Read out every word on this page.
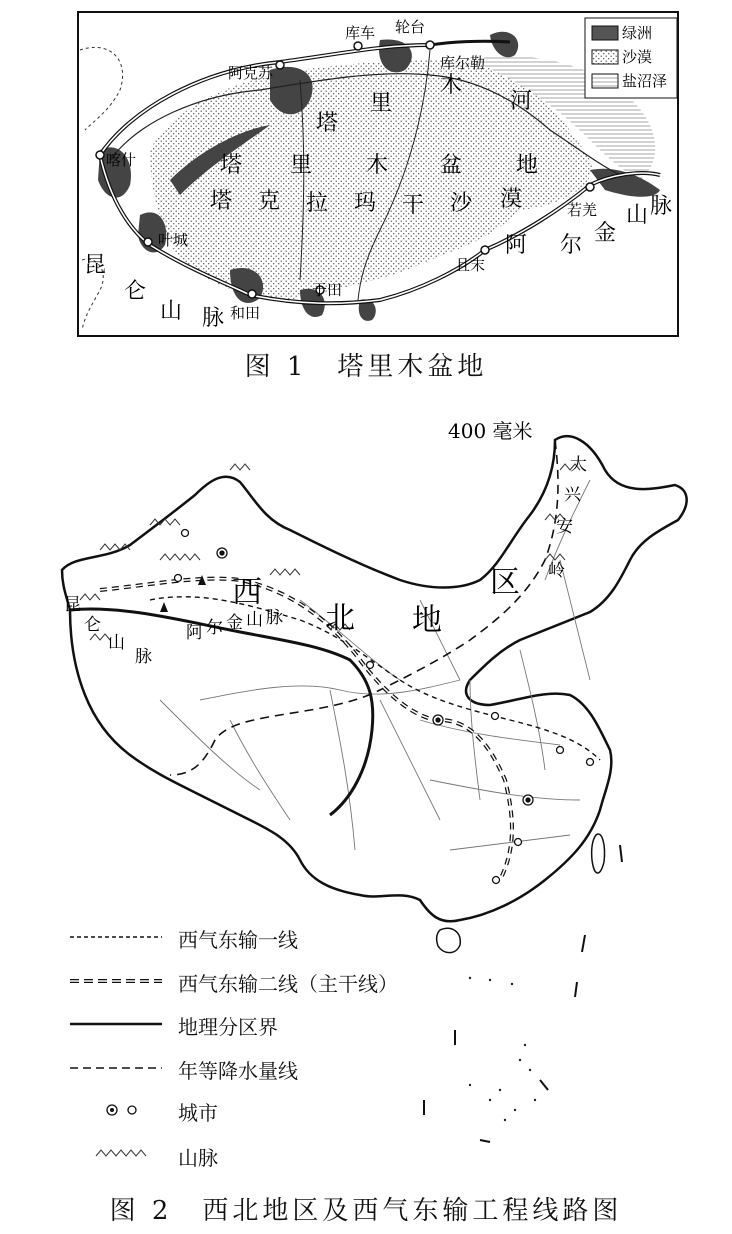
库车 轮台
阿克苏
库尔勒
喀什
若羌
叶城
且末
和田
于田
塔
里
木
河
塔 里 木 盆 地
塔 克 拉 玛 干 沙 漠
阿 尔 金
山 脉
昆
仑
山 脉
绿洲
沙漠
盐沼泽
400 毫米
西
北 地
区
阿 尔 金 山 脉
昆
仑
山
脉
大
兴
安
岭
图 1　塔里木盆地
图 2　西北地区及西气东输工程线路图
西气东输一线
西气东输二线（主干线）
地理分区界
年等降水量线
城市
山脉
